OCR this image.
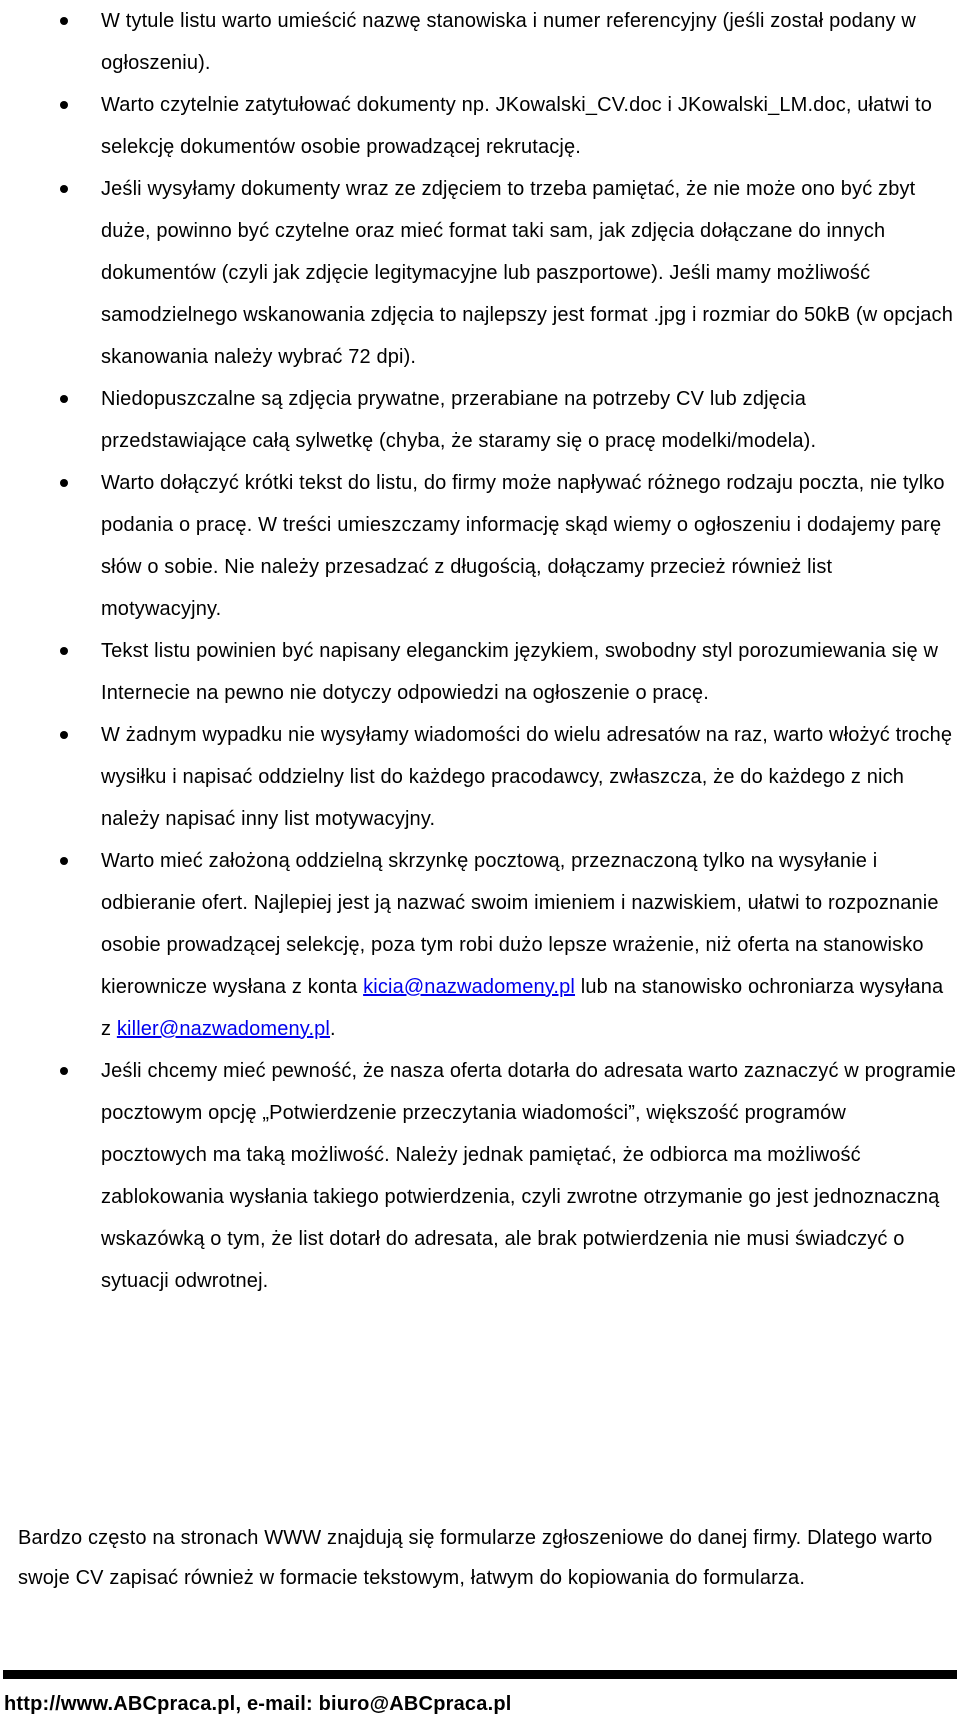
W tytule listu warto umieścić nazwę stanowiska i numer referencyjny (jeśli został podany w ogłoszeniu).
Warto czytelnie zatytułować dokumenty np. JKowalski_CV.doc i JKowalski_LM.doc, ułatwi to selekcję dokumentów osobie prowadzącej rekrutację.
Jeśli wysyłamy dokumenty wraz ze zdjęciem to trzeba pamiętać, że nie może ono być zbyt duże, powinno być czytelne oraz mieć format taki sam, jak zdjęcia dołączane do innych dokumentów (czyli jak zdjęcie legitymacyjne lub paszportowe). Jeśli mamy możliwość samodzielnego wskanowania zdjęcia to najlepszy jest format .jpg i rozmiar do 50kB (w opcjach skanowania należy wybrać 72 dpi).
Niedopuszczalne są zdjęcia prywatne, przerabiane na potrzeby CV lub zdjęcia przedstawiające całą sylwetkę (chyba, że staramy się o pracę modelki/modela).
Warto dołączyć krótki tekst do listu, do firmy może napływać różnego rodzaju poczta, nie tylko podania o pracę. W treści umieszczamy informację skąd wiemy o ogłoszeniu i dodajemy parę słów o sobie. Nie należy przesadzać z długością, dołączamy przecież również list motywacyjny.
Tekst listu powinien być napisany eleganckim językiem, swobodny styl porozumiewania się w Internecie na pewno nie dotyczy odpowiedzi na ogłoszenie o pracę.
W żadnym wypadku nie wysyłamy wiadomości do wielu adresatów na raz, warto włożyć trochę wysiłku i napisać oddzielny list do każdego pracodawcy, zwłaszcza, że do każdego z nich należy napisać inny list motywacyjny.
Warto mieć założoną oddzielną skrzynkę pocztową, przeznaczoną tylko na wysyłanie i odbieranie ofert. Najlepiej jest ją nazwać swoim imieniem i nazwiskiem, ułatwi to rozpoznanie osobie prowadzącej selekcję, poza tym robi dużo lepsze wrażenie, niż oferta na stanowisko kierownicze wysłana z konta kicia@nazwadomeny.pl lub na stanowisko ochroniarza wysyłana z killer@nazwadomeny.pl.
Jeśli chcemy mieć pewność, że nasza oferta dotarła do adresata warto zaznaczyć w programie pocztowym opcję „Potwierdzenie przeczytania wiadomości”, większość programów pocztowych ma taką możliwość. Należy jednak pamiętać, że odbiorca ma możliwość zablokowania wysłania takiego potwierdzenia, czyli zwrotne otrzymanie go jest jednoznaczną wskazówką o tym, że list dotarł do adresata, ale brak potwierdzenia nie musi świadczyć o sytuacji odwrotnej.

Bardzo często na stronach WWW znajdują się formularze zgłoszeniowe do danej firmy. Dlatego warto swoje CV zapisać również w formacie tekstowym, łatwym do kopiowania do formularza.

http://www.ABCpraca.pl, e-mail: biuro@ABCpraca.pl
